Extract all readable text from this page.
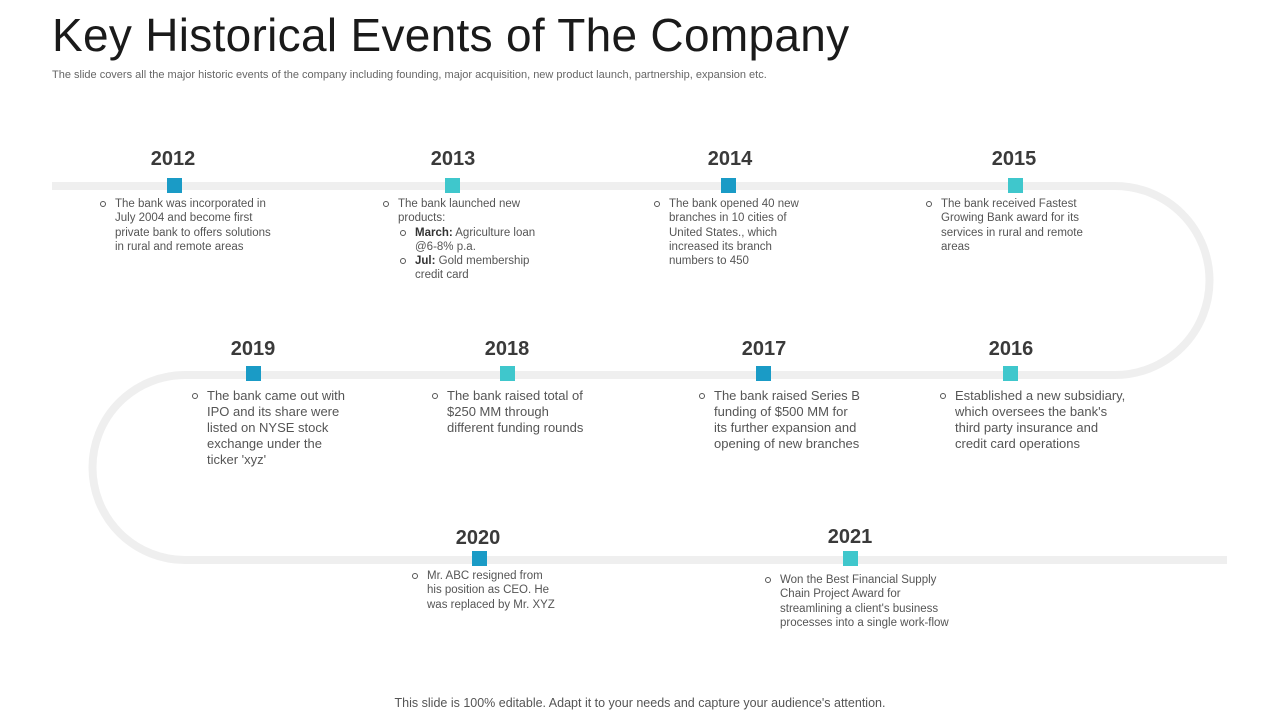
Key Historical Events of The Company

The slide covers all the major historic events of the company including founding, major acquisition, new product launch, partnership, expansion etc.

2012
The bank was incorporated in July 2004 and become first private bank to offers solutions in rural and remote areas
2013
The bank launched new products:
March: Agriculture loan @6-8% p.a.
Jul: Gold membership credit card
2014
The bank opened 40 new branches in 10 cities of United States., which increased its branch numbers to 450
2015
The bank received Fastest Growing Bank award for its services in rural and remote areas
2019
The bank came out with IPO and its share were listed on NYSE stock exchange under the ticker 'xyz'
2018
The bank raised total of $250 MM through different funding rounds
2017
The bank raised Series B funding of $500 MM for its further expansion and opening of new branches
2016
Established a new subsidiary, which oversees the bank's third party insurance and credit card operations
2020
Mr. ABC resigned from his position as CEO. He was replaced by Mr. XYZ
2021
Won the Best Financial Supply Chain Project Award for streamlining a client's business processes into a single work-flow

This slide is 100% editable. Adapt it to your needs and capture your audience's attention.
